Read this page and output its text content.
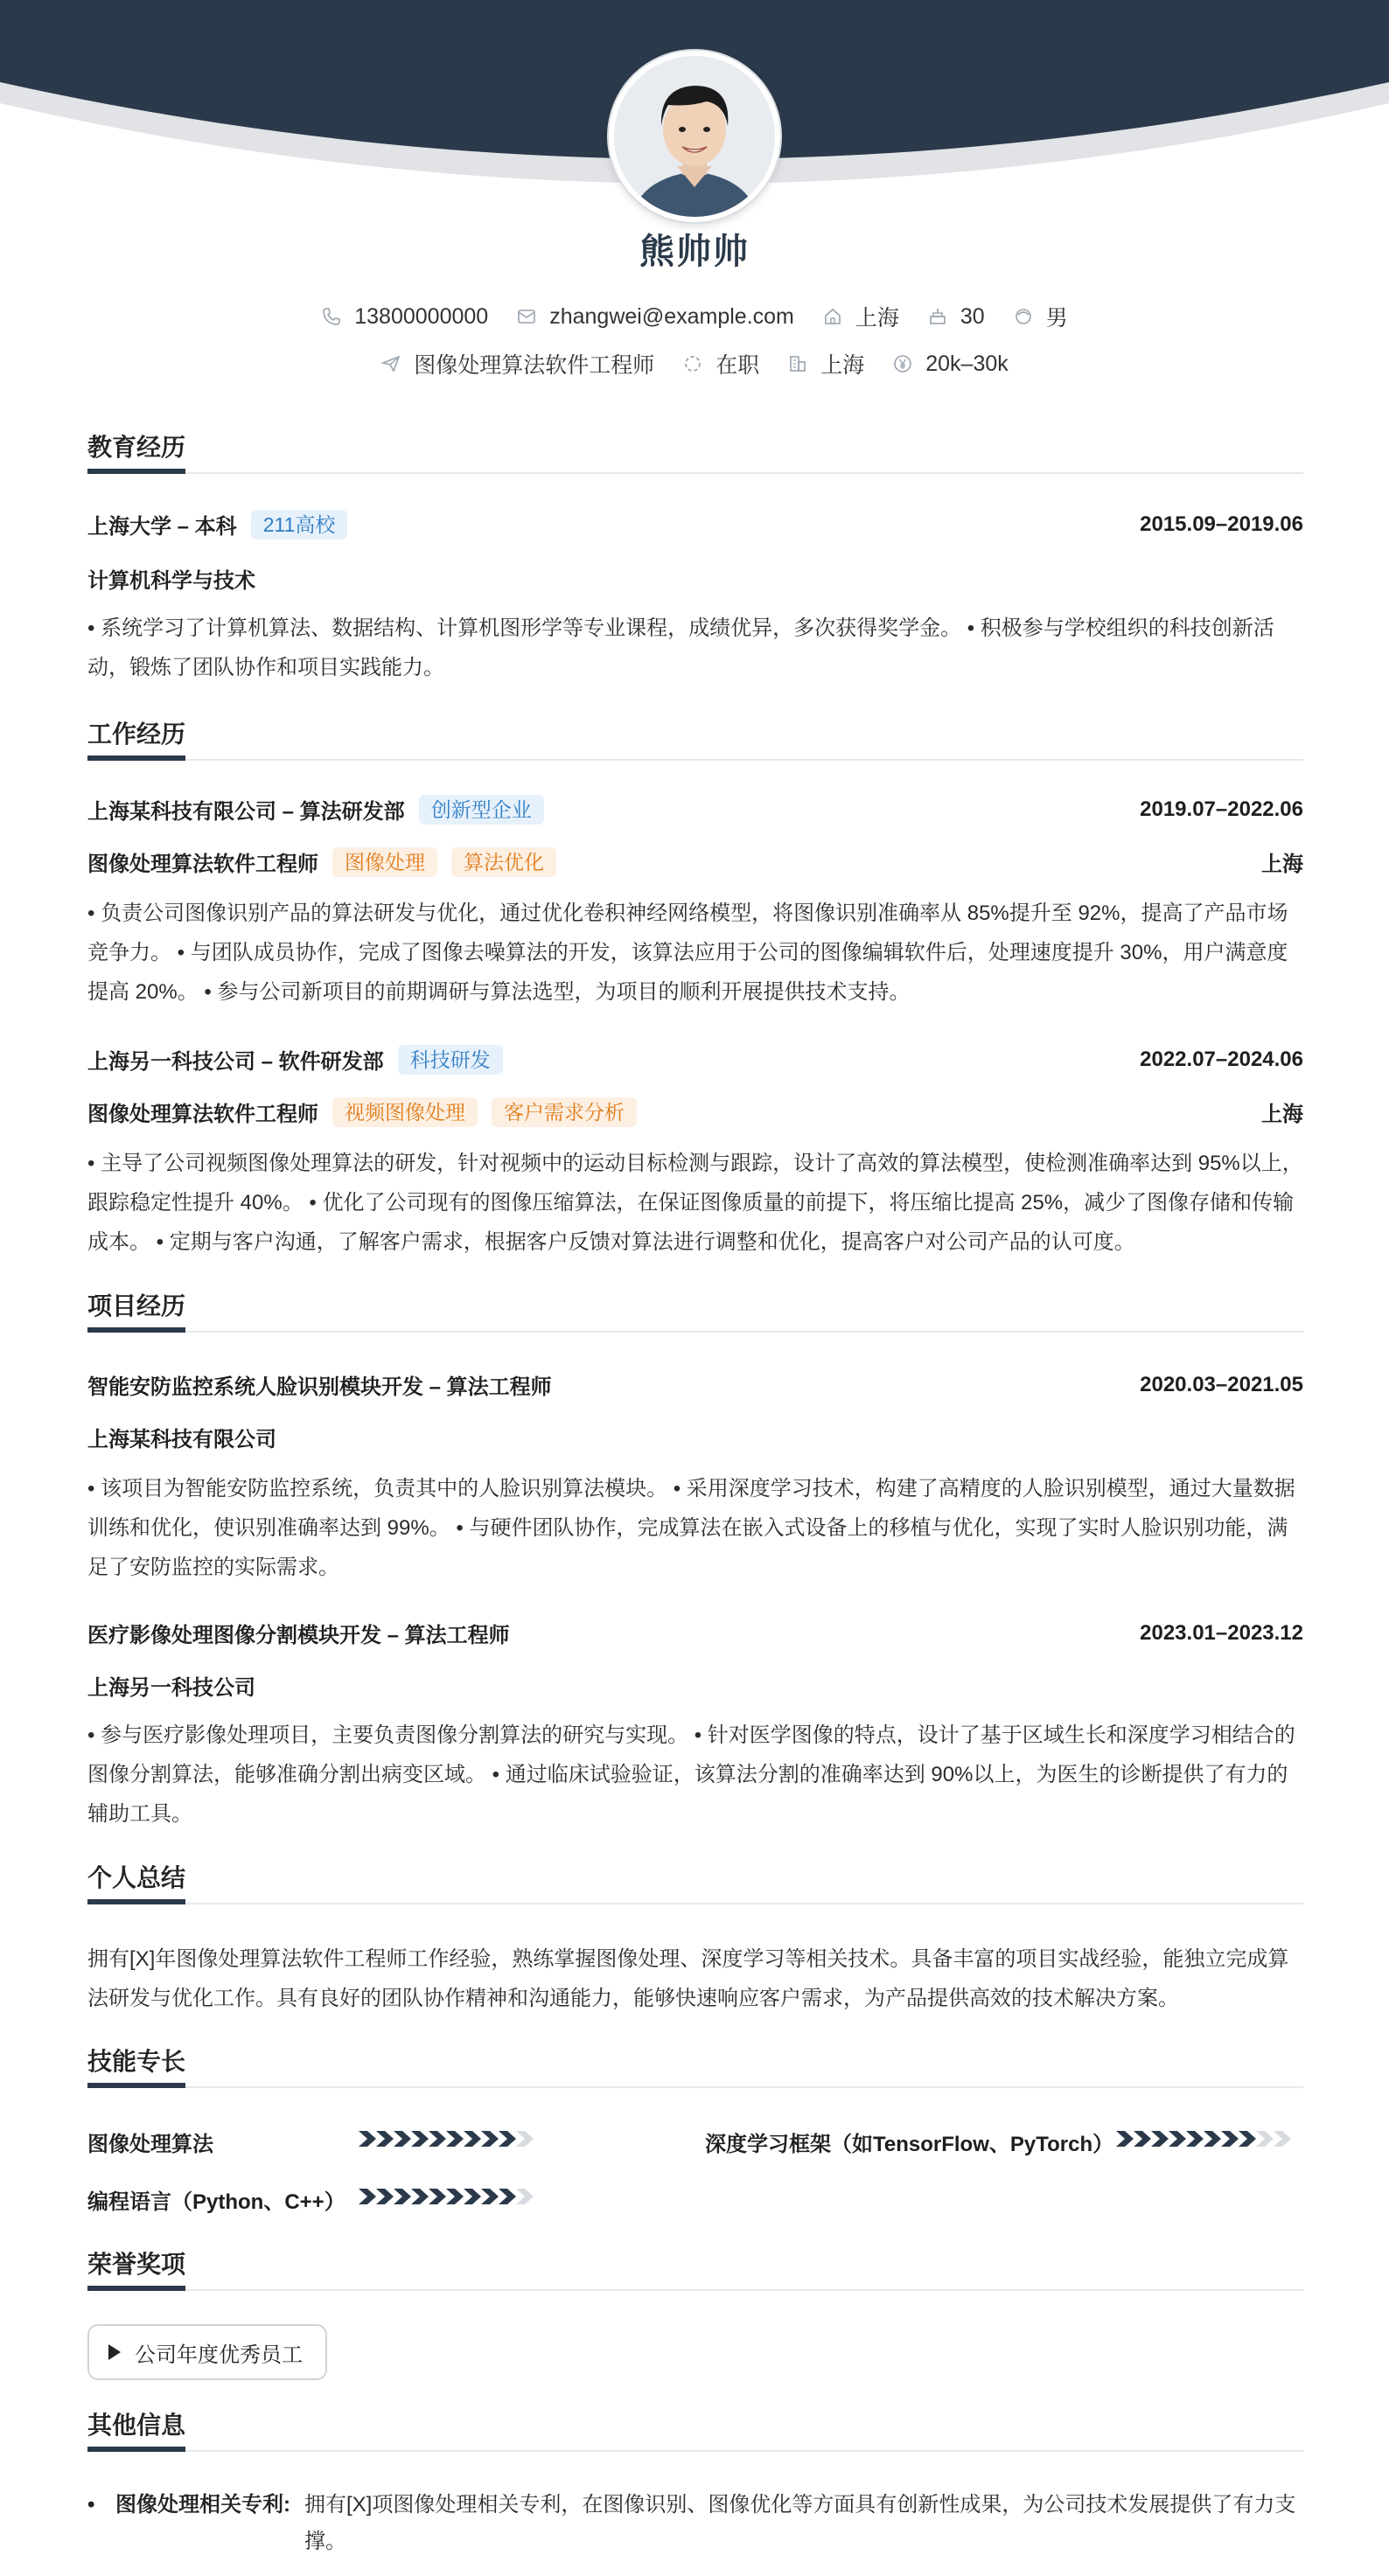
熊帅帅
13800000000	zhangwei@example.com	上海	30	男
图像处理算法软件工程师	在职	上海	20k–30k
教育经历
上海大学 – 本科	211高校	2015.09–2019.06
计算机科学与技术
• 系统学习了计算机算法、数据结构、计算机图形学等专业课程，成绩优异，多次获得奖学金。 • 积极参与学校组织的科技创新活动，锻炼了团队协作和项目实践能力。
工作经历
上海某科技有限公司 – 算法研发部	创新型企业	2019.07–2022.06
图像处理算法软件工程师	图像处理	算法优化	上海
• 负责公司图像识别产品的算法研发与优化，通过优化卷积神经网络模型，将图像识别准确率从 85%提升至 92%，提高了产品市场竞争力。 • 与团队成员协作，完成了图像去噪算法的开发，该算法应用于公司的图像编辑软件后，处理速度提升 30%，用户满意度提高 20%。 • 参与公司新项目的前期调研与算法选型，为项目的顺利开展提供技术支持。
上海另一科技公司 – 软件研发部	科技研发	2022.07–2024.06
图像处理算法软件工程师	视频图像处理	客户需求分析	上海
• 主导了公司视频图像处理算法的研发，针对视频中的运动目标检测与跟踪，设计了高效的算法模型，使检测准确率达到 95%以上，跟踪稳定性提升 40%。 • 优化了公司现有的图像压缩算法，在保证图像质量的前提下，将压缩比提高 25%，减少了图像存储和传输成本。 • 定期与客户沟通，了解客户需求，根据客户反馈对算法进行调整和优化，提高客户对公司产品的认可度。
项目经历
智能安防监控系统人脸识别模块开发 – 算法工程师	2020.03–2021.05
上海某科技有限公司
• 该项目为智能安防监控系统，负责其中的人脸识别算法模块。 • 采用深度学习技术，构建了高精度的人脸识别模型，通过大量数据训练和优化，使识别准确率达到 99%。 • 与硬件团队协作，完成算法在嵌入式设备上的移植与优化，实现了实时人脸识别功能，满足了安防监控的实际需求。
医疗影像处理图像分割模块开发 – 算法工程师	2023.01–2023.12
上海另一科技公司
• 参与医疗影像处理项目，主要负责图像分割算法的研究与实现。 • 针对医学图像的特点，设计了基于区域生长和深度学习相结合的图像分割算法，能够准确分割出病变区域。 • 通过临床试验验证，该算法分割的准确率达到 90%以上，为医生的诊断提供了有力的辅助工具。
个人总结
拥有[X]年图像处理算法软件工程师工作经验，熟练掌握图像处理、深度学习等相关技术。具备丰富的项目实战经验，能独立完成算法研发与优化工作。具有良好的团队协作精神和沟通能力，能够快速响应客户需求，为产品提供高效的技术解决方案。
技能专长
图像处理算法	深度学习框架（如TensorFlow、PyTorch）
编程语言（Python、C++）
荣誉奖项
公司年度优秀员工
其他信息
• 图像处理相关专利: 拥有[X]项图像处理相关专利，在图像识别、图像优化等方面具有创新性成果，为公司技术发展提供了有力支撑。
